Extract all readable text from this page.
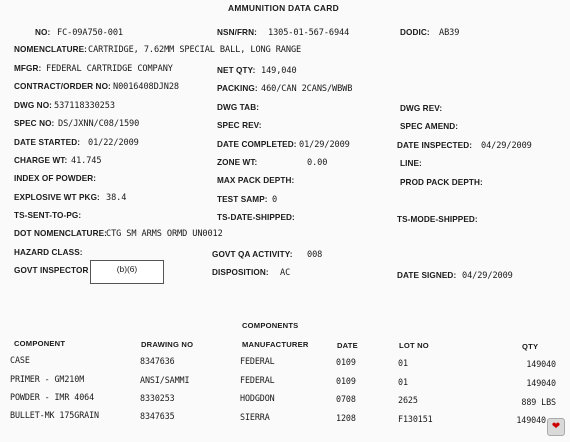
AMMUNITION DATA CARD
NO: FC-09A750-001	NSN/FRN: 1305-01-567-6944	DODIC: AB39
NOMENCLATURE: CARTRIDGE, 7.62MM SPECIAL BALL, LONG RANGE
MFGR: FEDERAL CARTRIDGE COMPANY	NET QTY: 149,040
CONTRACT/ORDER NO: N0016408DJN28	PACKING: 460/CAN 2CANS/WBWB
DWG NO: 537118330253	DWG TAB:	DWG REV:
SPEC NO: DS/JXNN/C08/1590	SPEC REV:	SPEC AMEND:
DATE STARTED: 01/22/2009	DATE COMPLETED: 01/29/2009	DATE INSPECTED: 04/29/2009
CHARGE WT: 41.745	ZONE WT:	0.00	LINE:
INDEX OF POWDER:	MAX PACK DEPTH:	PROD PACK DEPTH:
EXPLOSIVE WT PKG: 38.4	TEST SAMP: 0
TS-SENT-TO-PG:	TS-DATE-SHIPPED:	TS-MODE-SHIPPED:
DOT NOMENCLATURE: CTG SM ARMS ORMD UN0012
HAZARD CLASS:	GOVT QA ACTIVITY: 008
GOVT INSPECTOR	(b)(6)	DISPOSITION: AC	DATE SIGNED: 04/29/2009
COMPONENTS
COMPONENT	DRAWING NO	MANUFACTURER	DATE	LOT NO	QTY
CASE	8347636	FEDERAL	0109	01	149040
PRIMER - GM210M	ANSI/SAMMI	FEDERAL	0109	01	149040
POWDER - IMR 4064	8330253	HODGDON	0708	2625	889 LBS
BULLET-MK 175GRAIN	8347635	SIERRA	1208	F130151	149040
❤
